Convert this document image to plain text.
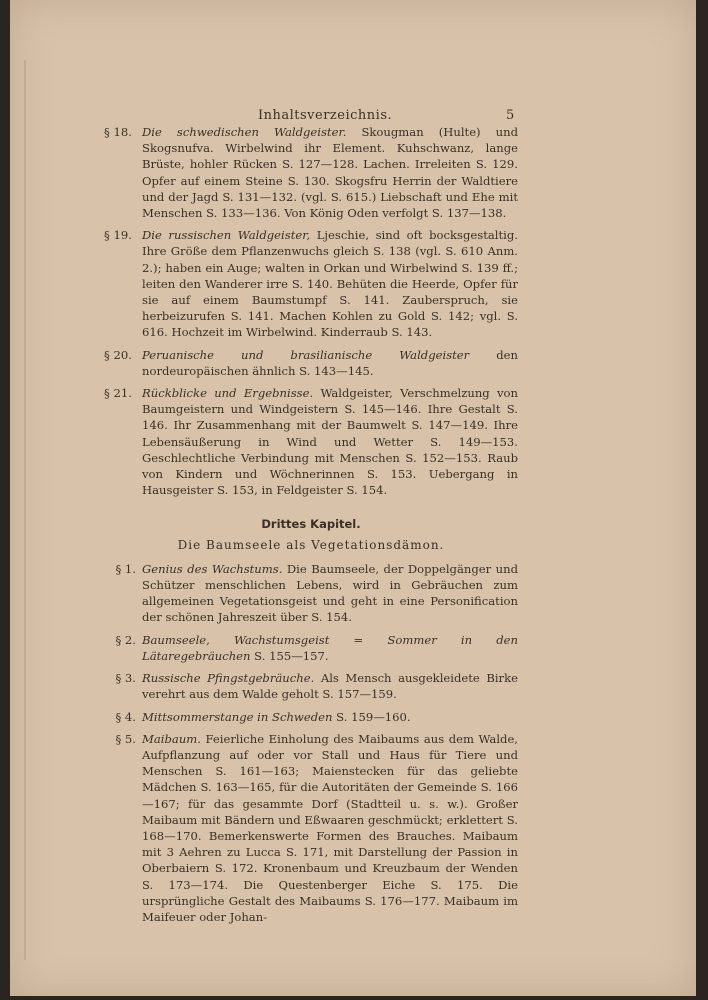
Inhaltsverzeichnis.	5
§ 18. Die schwedischen Waldgeister. Skougman (Hulte) und Skogsnufva. Wirbelwind ihr Element. Kuhschwanz, lange Brüste, hohler Rücken S. 127—128. Lachen. Irreleiten S. 129. Opfer auf einem Steine S. 130. Skogsfru Herrin der Waldtiere und der Jagd S. 131—132. (vgl. S. 615.) Liebschaft und Ehe mit Menschen S. 133—136. Von König Oden verfolgt S. 137—138.
§ 19. Die russischen Waldgeister, Ljeschie, sind oft bocksgestaltig. Ihre Größe dem Pflanzenwuchs gleich S. 138 (vgl. S. 610 Anm. 2.); haben ein Auge; walten in Orkan und Wirbelwind S. 139 ff.; leiten den Wanderer irre S. 140. Behüten die Heerde, Opfer für sie auf einem Baumstumpf S. 141. Zauberspruch, sie herbeizurufen S. 141. Machen Kohlen zu Gold S. 142; vgl. S. 616. Hochzeit im Wirbelwind. Kinderraub S. 143.
§ 20. Peruanische und brasilianische Waldgeister den nordeuropäischen ähnlich S. 143—145.
§ 21. Rückblicke und Ergebnisse. Waldgeister, Verschmelzung von Baumgeistern und Windgeistern S. 145—146. Ihre Gestalt S. 146. Ihr Zusammenhang mit der Baumwelt S. 147—149. Ihre Lebensäußerung in Wind und Wetter S. 149—153. Geschlechtliche Verbindung mit Menschen S. 152—153. Raub von Kindern und Wöchnerinnen S. 153. Uebergang in Hausgeister S. 153, in Feldgeister S. 154.
Drittes Kapitel.
Die Baumseele als Vegetationsdämon.
§ 1. Genius des Wachstums. Die Baumseele, der Doppelgänger und Schützer menschlichen Lebens, wird in Gebräuchen zum allgemeinen Vegetationsgeist und geht in eine Personification der schönen Jahreszeit über S. 154.
§ 2. Baumseele, Wachstumsgeist = Sommer in den Lätaregebräuchen S. 155—157.
§ 3. Russische Pfingstgebräuche. Als Mensch ausgekleidete Birke verehrt aus dem Walde geholt S. 157—159.
§ 4. Mittsommerstange in Schweden S. 159—160.
§ 5. Maibaum. Feierliche Einholung des Maibaums aus dem Walde, Aufpflanzung auf oder vor Stall und Haus für Tiere und Menschen S. 161—163; Maienstecken für das geliebte Mädchen S. 163—165, für die Autoritäten der Gemeinde S. 166—167; für das gesammte Dorf (Stadtteil u. s. w.). Großer Maibaum mit Bändern und Eßwaaren geschmückt; erklettert S. 168—170. Bemerkenswerte Formen des Brauches. Maibaum mit 3 Aehren zu Lucca S. 171, mit Darstellung der Passion in Oberbaiern S. 172. Kronenbaum und Kreuzbaum der Wenden S. 173—174. Die Questenberger Eiche S. 175. Die ursprüngliche Gestalt des Maibaums S. 176—177. Maibaum im Maifeuer oder Johan-
